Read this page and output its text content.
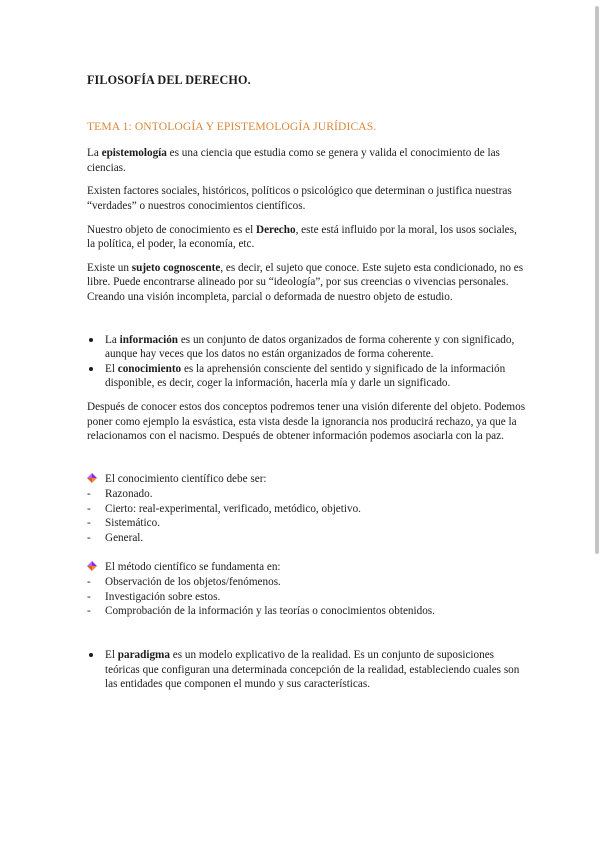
FILOSOFÍA DEL DERECHO.
TEMA 1: ONTOLOGÍA Y EPISTEMOLOGÍA JURÍDICAS.

La epistemología es una ciencia que estudia como se genera y valida el conocimiento de las ciencias.

Existen factores sociales, históricos, políticos o psicológico que determinan o justifica nuestras “verdades” o nuestros conocimientos científicos.

Nuestro objeto de conocimiento es el Derecho, este está influido por la moral, los usos sociales, la política, el poder, la economía, etc.

Existe un sujeto cognoscente, es decir, el sujeto que conoce. Este sujeto esta condicionado, no es libre. Puede encontrarse alineado por su “ideología”, por sus creencias o vivencias personales. Creando una visión incompleta, parcial o deformada de nuestro objeto de estudio.

La información es un conjunto de datos organizados de forma coherente y con significado, aunque hay veces que los datos no están organizados de forma coherente.
El conocimiento es la aprehensión consciente del sentido y significado de la información disponible, es decir, coger la información, hacerla mía y darle un significado.

Después de conocer estos dos conceptos podremos tener una visión diferente del objeto. Podemos poner como ejemplo la esvástica, esta vista desde la ignorancia nos producirá rechazo, ya que la relacionamos con el nacismo. Después de obtener información podemos asociarla con la paz.

El conocimiento científico debe ser:

- Razonado.
- Cierto: real-experimental, verificado, metódico, objetivo.
- Sistemático.
- General.

El método científico se fundamenta en:

- Observación de los objetos/fenómenos.
- Investigación sobre estos.
- Comprobación de la información y las teorías o conocimientos obtenidos.
El paradigma es un modelo explicativo de la realidad. Es un conjunto de suposiciones teóricas que configuran una determinada concepción de la realidad, estableciendo cuales son las entidades que componen el mundo y sus características.
